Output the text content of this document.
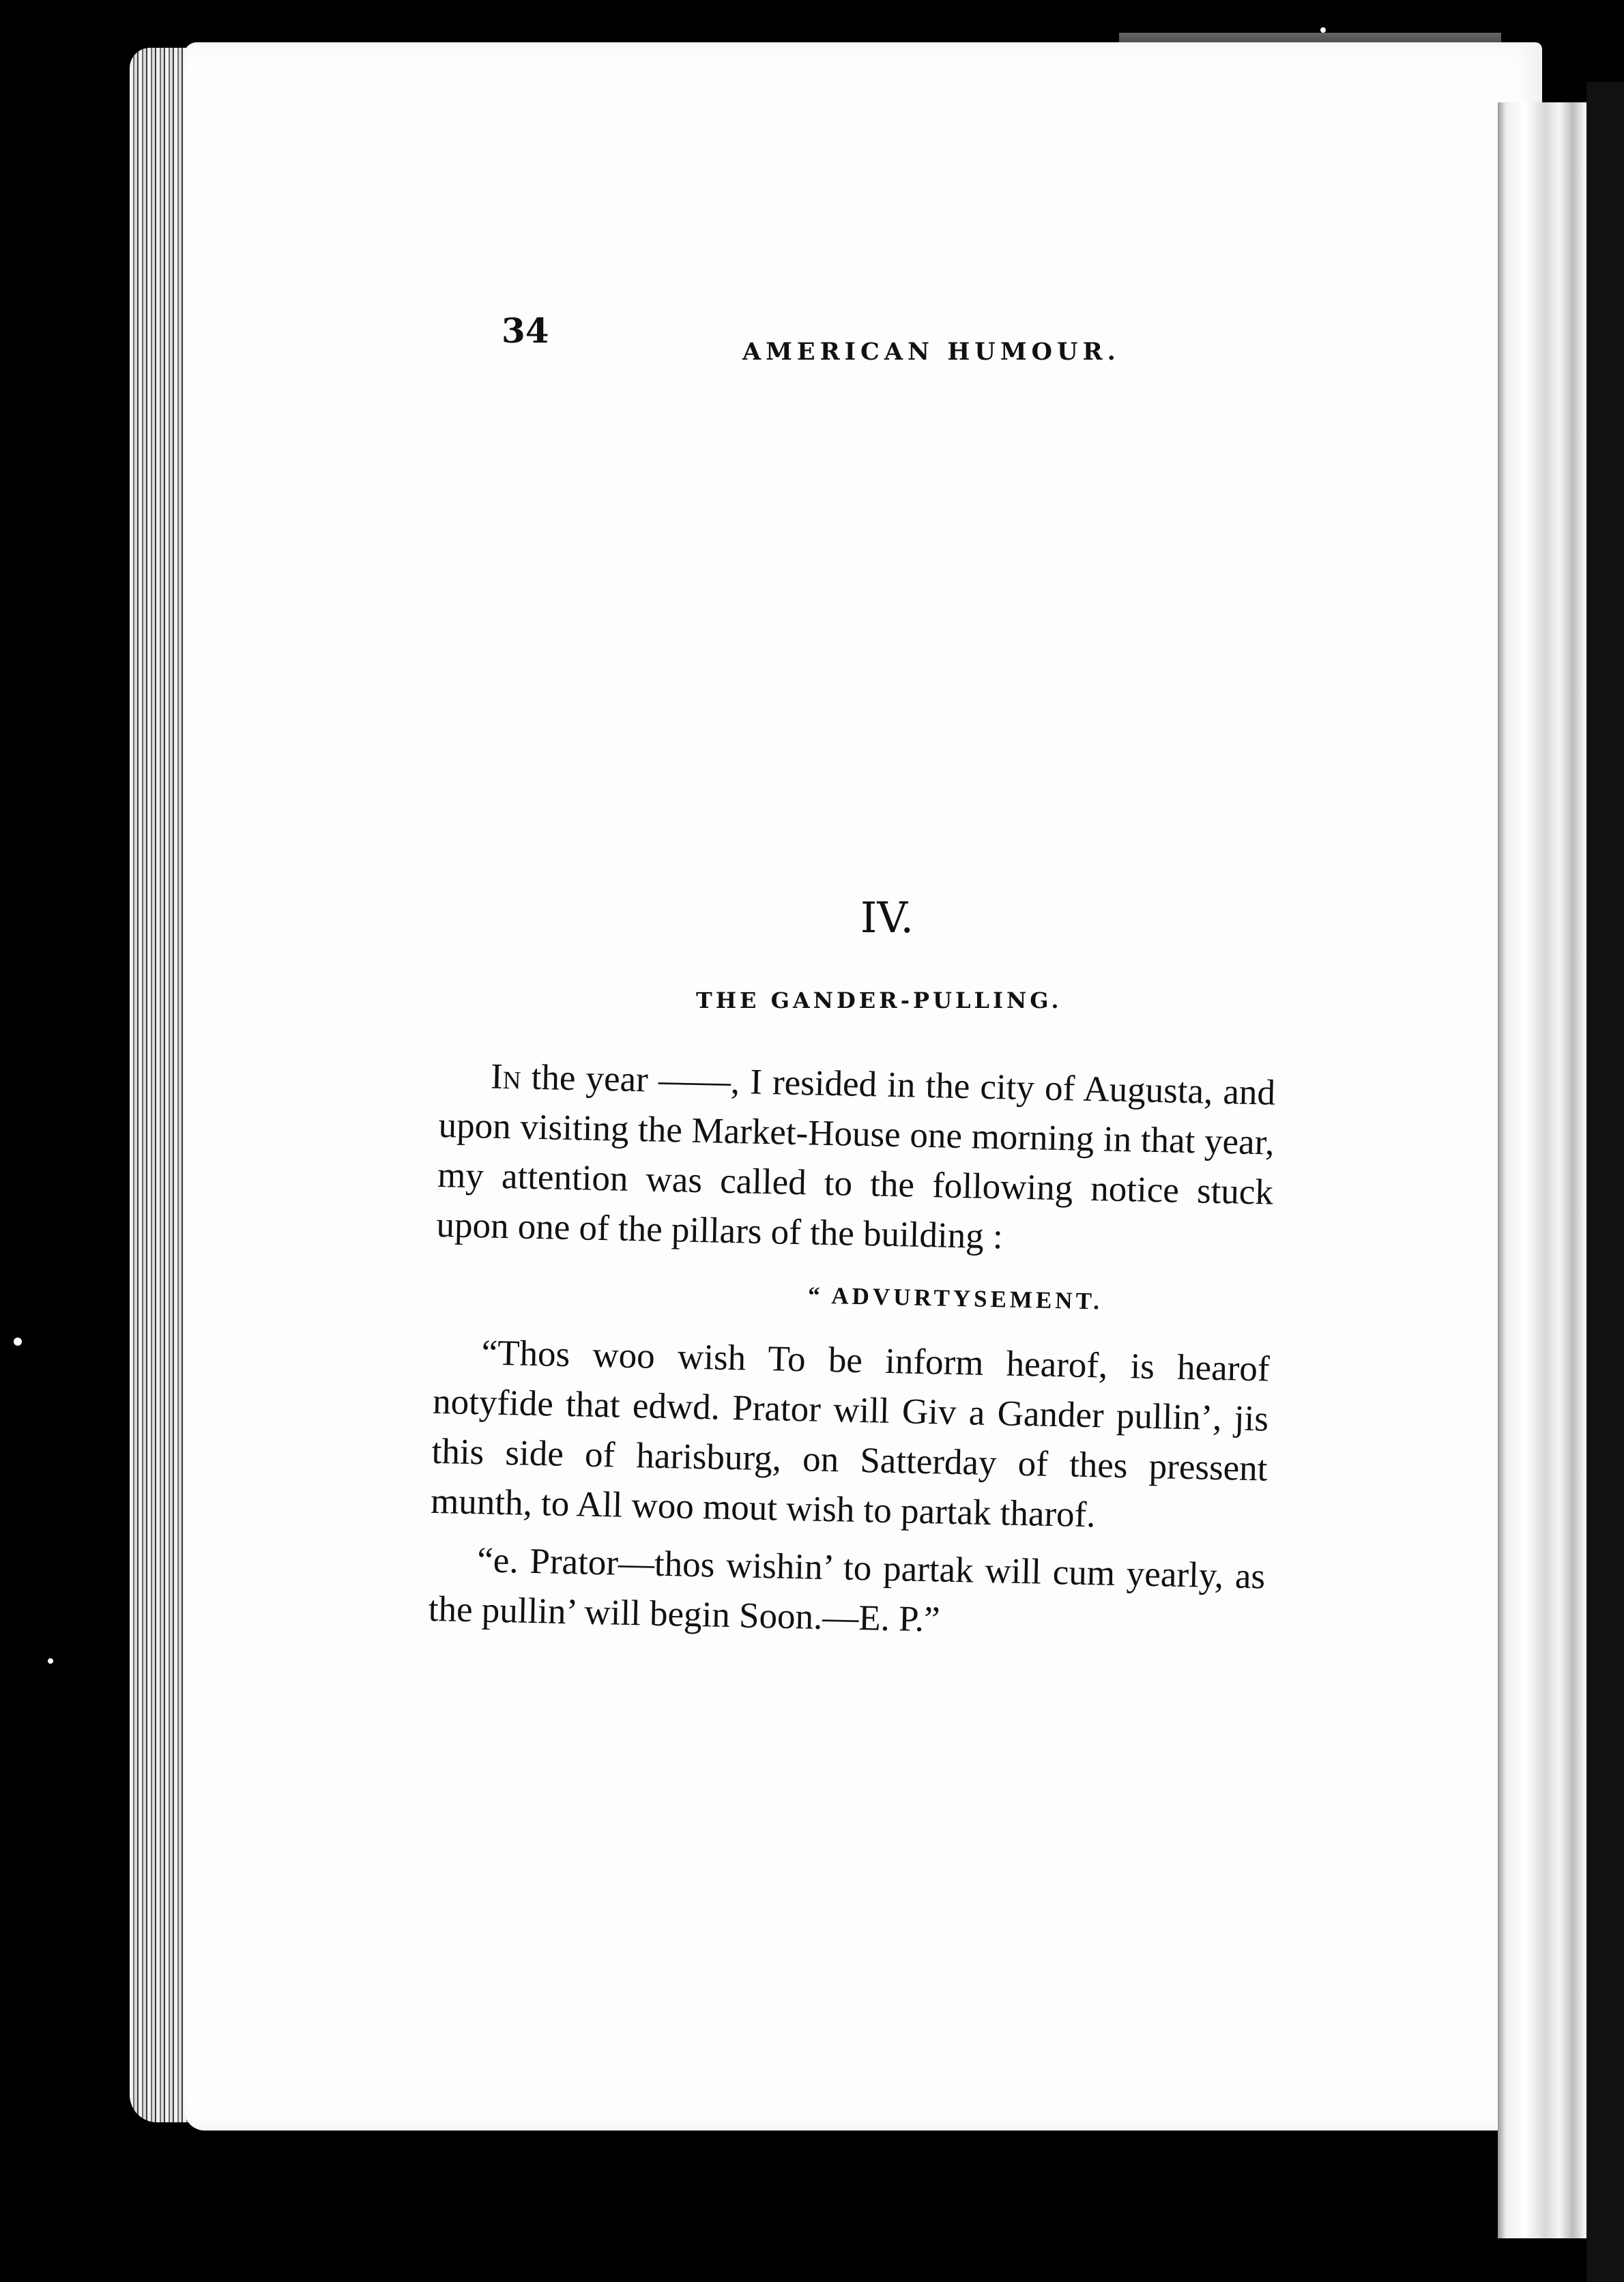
34
AMERICAN HUMOUR.
IV.
THE GANDER-PULLING.

In the year ——, I resided in the city of Augusta, and upon visiting the Market-House one morning in that year, my attention was called to the following notice stuck upon one of the pillars of the building :

“ ADVURTYSEMENT.

“Thos woo wish To be inform hearof, is hearof notyfide that edwd. Prator will Giv a Gander pullin’, jis this side of harisburg, on Satterday of thes pressent munth, to All woo mout wish to partak tharof.

“e. Prator—thos wishin’ to partak will cum yearly, as the pullin’ will begin Soon.—E. P.”
